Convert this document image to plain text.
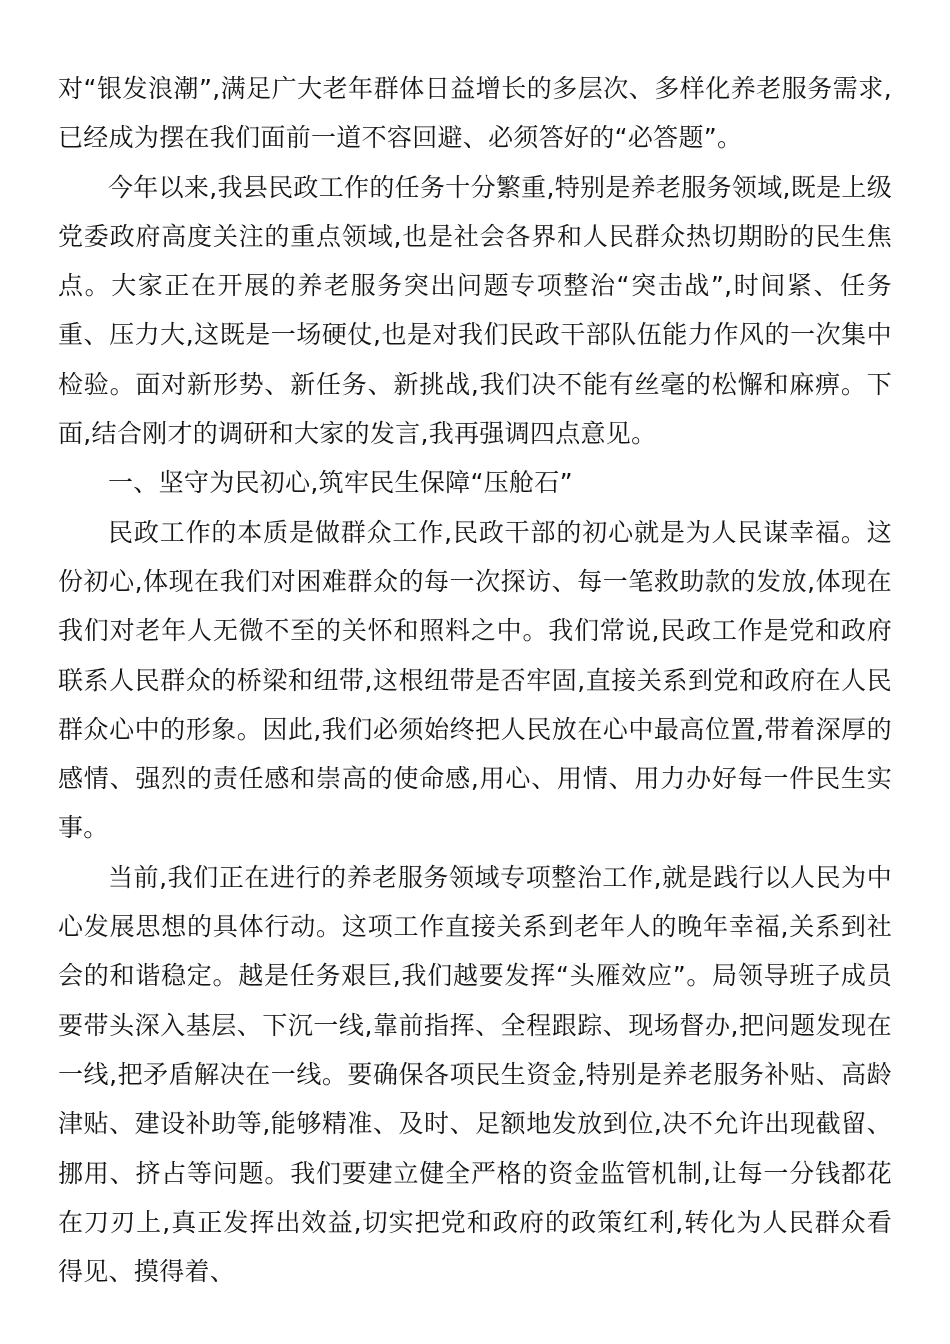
对“银发浪潮”,满足广大老年群体日益增长的多层次、多样化养老服务需求,已经成为摆在我们面前一道不容回避、必须答好的“必答题”。

今年以来,我县民政工作的任务十分繁重,特别是养老服务领域,既是上级党委政府高度关注的重点领域,也是社会各界和人民群众热切期盼的民生焦点。大家正在开展的养老服务突出问题专项整治“突击战”,时间紧、任务重、压力大,这既是一场硬仗,也是对我们民政干部队伍能力作风的一次集中检验。面对新形势、新任务、新挑战,我们决不能有丝毫的松懈和麻痹。下面,结合刚才的调研和大家的发言,我再强调四点意见。

一、坚守为民初心,筑牢民生保障“压舱石”

民政工作的本质是做群众工作,民政干部的初心就是为人民谋幸福。这份初心,体现在我们对困难群众的每一次探访、每一笔救助款的发放,体现在我们对老年人无微不至的关怀和照料之中。我们常说,民政工作是党和政府联系人民群众的桥梁和纽带,这根纽带是否牢固,直接关系到党和政府在人民群众心中的形象。因此,我们必须始终把人民放在心中最高位置,带着深厚的感情、强烈的责任感和崇高的使命感,用心、用情、用力办好每一件民生实事。

当前,我们正在进行的养老服务领域专项整治工作,就是践行以人民为中心发展思想的具体行动。这项工作直接关系到老年人的晚年幸福,关系到社会的和谐稳定。越是任务艰巨,我们越要发挥“头雁效应”。局领导班子成员要带头深入基层、下沉一线,靠前指挥、全程跟踪、现场督办,把问题发现在一线,把矛盾解决在一线。要确保各项民生资金,特别是养老服务补贴、高龄津贴、建设补助等,能够精准、及时、足额地发放到位,决不允许出现截留、挪用、挤占等问题。我们要建立健全严格的资金监管机制,让每一分钱都花在刀刃上,真正发挥出效益,切实把党和政府的政策红利,转化为人民群众看得见、摸得着、
